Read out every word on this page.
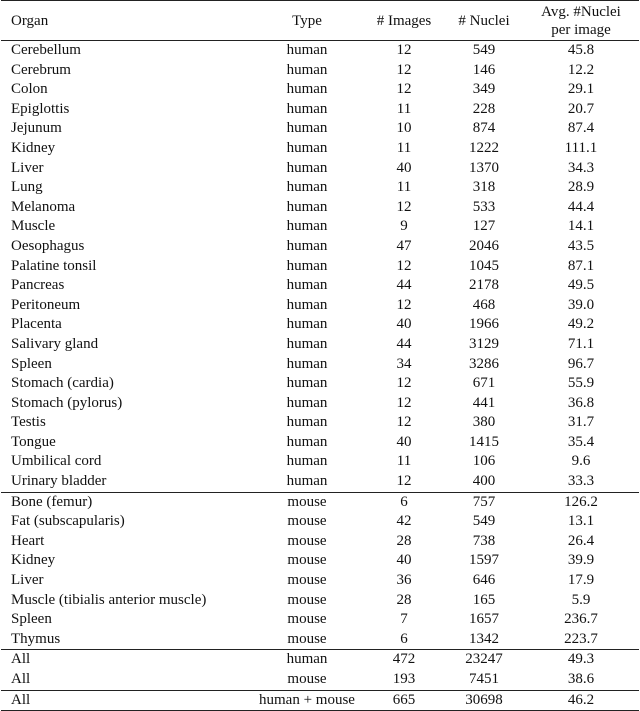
Organ	Type	# Images	# Nuclei	Avg. #Nuclei
per image
Cerebellum	human	12	549	45.8
Cerebrum	human	12	146	12.2
Colon	human	12	349	29.1
Epiglottis	human	11	228	20.7
Jejunum	human	10	874	87.4
Kidney	human	11	1222	111.1
Liver	human	40	1370	34.3
Lung	human	11	318	28.9
Melanoma	human	12	533	44.4
Muscle	human	9	127	14.1
Oesophagus	human	47	2046	43.5
Palatine tonsil	human	12	1045	87.1
Pancreas	human	44	2178	49.5
Peritoneum	human	12	468	39.0
Placenta	human	40	1966	49.2
Salivary gland	human	44	3129	71.1
Spleen	human	34	3286	96.7
Stomach (cardia)	human	12	671	55.9
Stomach (pylorus)	human	12	441	36.8
Testis	human	12	380	31.7
Tongue	human	40	1415	35.4
Umbilical cord	human	11	106	9.6
Urinary bladder	human	12	400	33.3
Bone (femur)	mouse	6	757	126.2
Fat (subscapularis)	mouse	42	549	13.1
Heart	mouse	28	738	26.4
Kidney	mouse	40	1597	39.9
Liver	mouse	36	646	17.9
Muscle (tibialis anterior muscle)	mouse	28	165	5.9
Spleen	mouse	7	1657	236.7
Thymus	mouse	6	1342	223.7
All	human	472	23247	49.3
All	mouse	193	7451	38.6
All	human + mouse	665	30698	46.2
